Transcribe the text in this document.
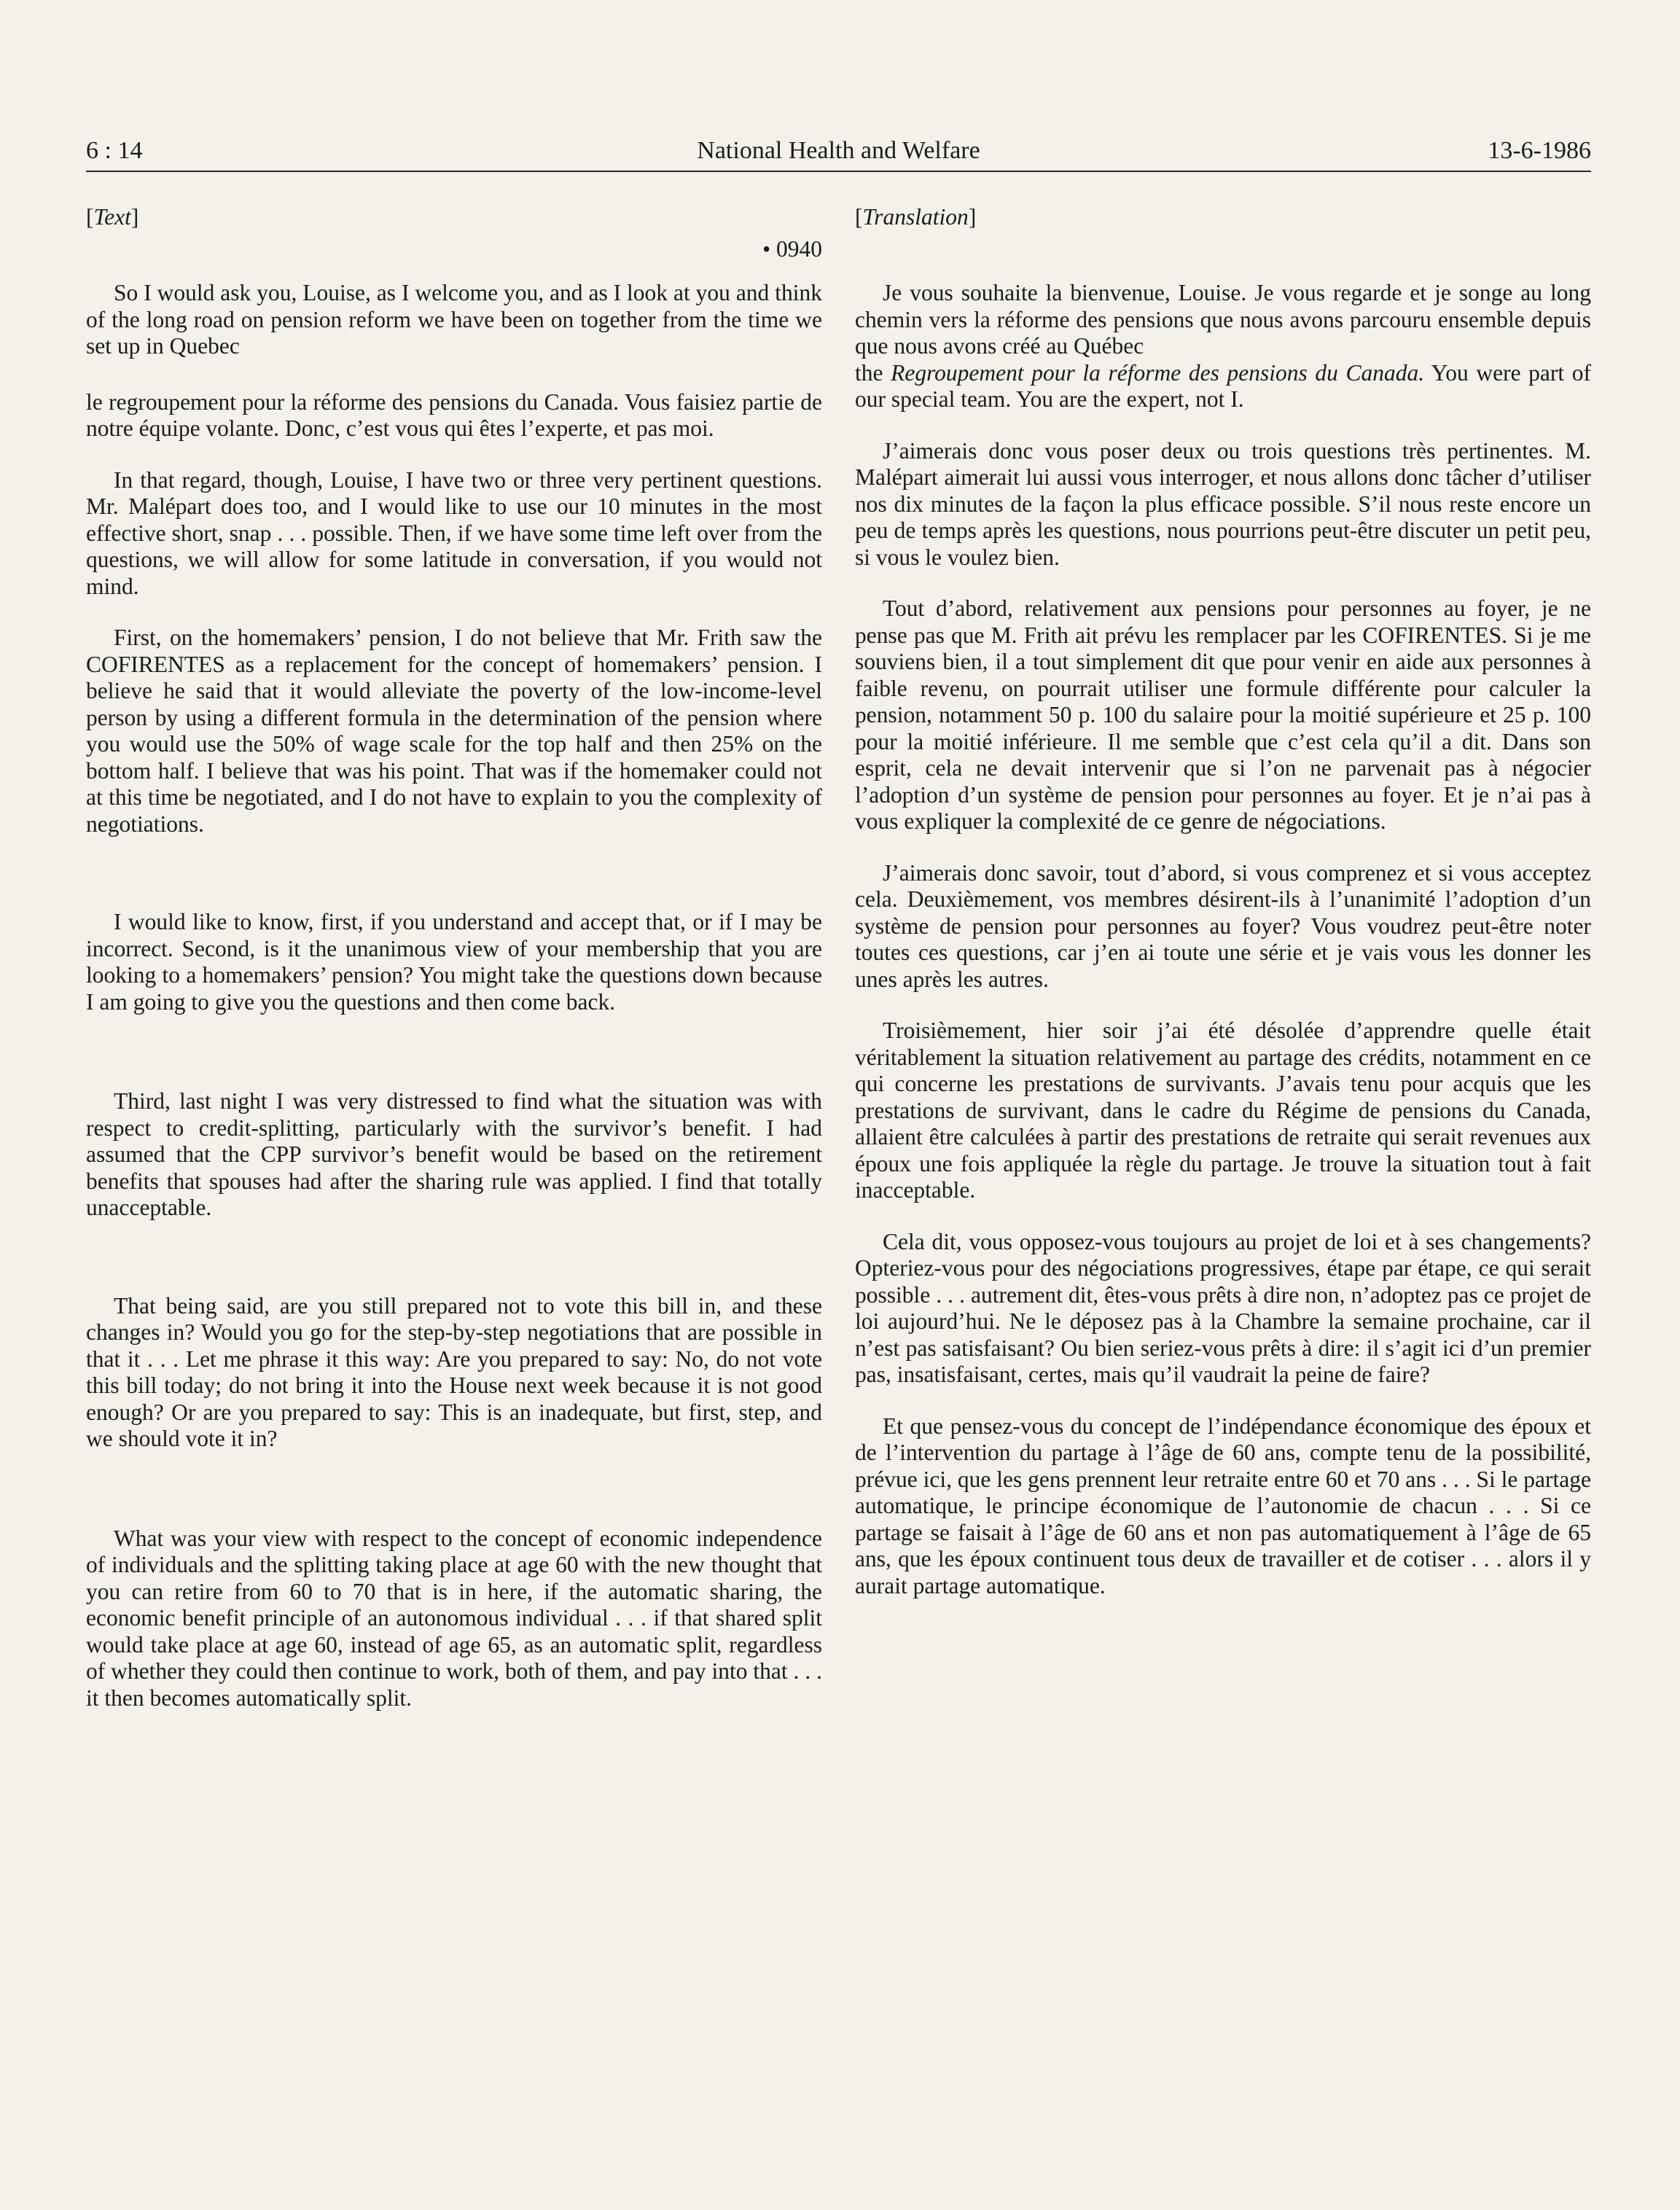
6 : 14	National Health and Welfare	13-6-1986

[Text]

• 0940

So I would ask you, Louise, as I welcome you, and as I look at you and think of the long road on pension reform we have been on together from the time we set up in Quebec

le regroupement pour la réforme des pensions du Canada. Vous faisiez partie de notre équipe volante. Donc, c’est vous qui êtes l’experte, et pas moi.

In that regard, though, Louise, I have two or three very pertinent questions. Mr. Malépart does too, and I would like to use our 10 minutes in the most effective short, snap . . . possible. Then, if we have some time left over from the questions, we will allow for some latitude in conversation, if you would not mind.

First, on the homemakers’ pension, I do not believe that Mr. Frith saw the COFIRENTES as a replacement for the concept of homemakers’ pension. I believe he said that it would alleviate the poverty of the low-income-level person by using a different formula in the determination of the pension where you would use the 50% of wage scale for the top half and then 25% on the bottom half. I believe that was his point. That was if the homemaker could not at this time be negotiated, and I do not have to explain to you the complexity of negotiations.

I would like to know, first, if you understand and accept that, or if I may be incorrect. Second, is it the unanimous view of your membership that you are looking to a homemakers’ pension? You might take the questions down because I am going to give you the questions and then come back.

Third, last night I was very distressed to find what the situation was with respect to credit-splitting, particularly with the survivor’s benefit. I had assumed that the CPP survivor’s benefit would be based on the retirement benefits that spouses had after the sharing rule was applied. I find that totally unacceptable.

That being said, are you still prepared not to vote this bill in, and these changes in? Would you go for the step-by-step negotiations that are possible in that it . . . Let me phrase it this way: Are you prepared to say: No, do not vote this bill today; do not bring it into the House next week because it is not good enough? Or are you prepared to say: This is an inadequate, but first, step, and we should vote it in?

What was your view with respect to the concept of economic independence of individuals and the splitting taking place at age 60 with the new thought that you can retire from 60 to 70 that is in here, if the automatic sharing, the economic benefit principle of an autonomous individual . . . if that shared split would take place at age 60, instead of age 65, as an automatic split, regardless of whether they could then continue to work, both of them, and pay into that . . . it then becomes automatically split.

[Translation]

Je vous souhaite la bienvenue, Louise. Je vous regarde et je songe au long chemin vers la réforme des pensions que nous avons parcouru ensemble depuis que nous avons créé au Québec

the Regroupement pour la réforme des pensions du Canada. You were part of our special team. You are the expert, not I.

J’aimerais donc vous poser deux ou trois questions très pertinentes. M. Malépart aimerait lui aussi vous interroger, et nous allons donc tâcher d’utiliser nos dix minutes de la façon la plus efficace possible. S’il nous reste encore un peu de temps après les questions, nous pourrions peut-être discuter un petit peu, si vous le voulez bien.

Tout d’abord, relativement aux pensions pour personnes au foyer, je ne pense pas que M. Frith ait prévu les remplacer par les COFIRENTES. Si je me souviens bien, il a tout simplement dit que pour venir en aide aux personnes à faible revenu, on pourrait utiliser une formule différente pour calculer la pension, notamment 50 p. 100 du salaire pour la moitié supérieure et 25 p. 100 pour la moitié inférieure. Il me semble que c’est cela qu’il a dit. Dans son esprit, cela ne devait intervenir que si l’on ne parvenait pas à négocier l’adoption d’un système de pension pour personnes au foyer. Et je n’ai pas à vous expliquer la complexité de ce genre de négociations.

J’aimerais donc savoir, tout d’abord, si vous comprenez et si vous acceptez cela. Deuxièmement, vos membres désirent-ils à l’unanimité l’adoption d’un système de pension pour personnes au foyer? Vous voudrez peut-être noter toutes ces questions, car j’en ai toute une série et je vais vous les donner les unes après les autres.

Troisièmement, hier soir j’ai été désolée d’apprendre quelle était véritablement la situation relativement au partage des crédits, notamment en ce qui concerne les prestations de survivants. J’avais tenu pour acquis que les prestations de survivant, dans le cadre du Régime de pensions du Canada, allaient être calculées à partir des prestations de retraite qui serait revenues aux époux une fois appliquée la règle du partage. Je trouve la situation tout à fait inacceptable.

Cela dit, vous opposez-vous toujours au projet de loi et à ses changements? Opteriez-vous pour des négociations progressives, étape par étape, ce qui serait possible . . . autrement dit, êtes-vous prêts à dire non, n’adoptez pas ce projet de loi aujourd’hui. Ne le déposez pas à la Chambre la semaine prochaine, car il n’est pas satisfaisant? Ou bien seriez-vous prêts à dire: il s’agit ici d’un premier pas, insatisfaisant, certes, mais qu’il vaudrait la peine de faire?

Et que pensez-vous du concept de l’indépendance économique des époux et de l’intervention du partage à l’âge de 60 ans, compte tenu de la possibilité, prévue ici, que les gens prennent leur retraite entre 60 et 70 ans . . . Si le partage automatique, le principe économique de l’autonomie de chacun . . . Si ce partage se faisait à l’âge de 60 ans et non pas automatiquement à l’âge de 65 ans, que les époux continuent tous deux de travailler et de cotiser . . . alors il y aurait partage automatique.
